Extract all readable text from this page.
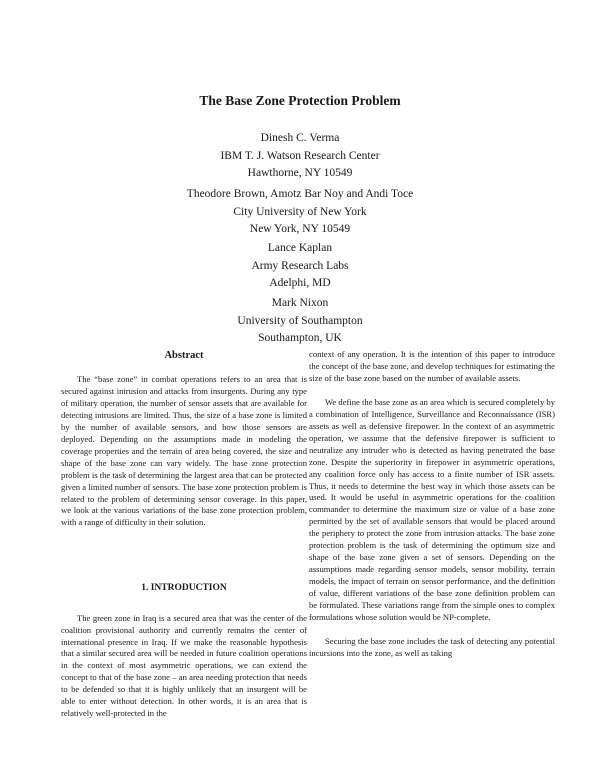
The Base Zone Protection Problem
Dinesh C. Verma
IBM T. J. Watson Research Center
Hawthorne, NY 10549
Theodore Brown, Amotz Bar Noy and Andi Toce
City University of New York
New York, NY 10549
Lance Kaplan
Army Research Labs
Adelphi, MD
Mark Nixon
University of Southampton
Southampton, UK
Abstract

The “base zone” in combat operations refers to an area that is secured against intrusion and attacks from insurgents. During any type of military operation, the number of sensor assets that are available for detecting intrusions are limited. Thus, the size of a base zone is limited by the number of available sensors, and how those sensors are deployed. Depending on the assumptions made in modeling the coverage properties and the terrain of area being covered, the size and shape of the base zone can vary widely. The base zone protection problem is the task of determining the largest area that can be protected given a limited number of sensors. The base zone protection problem is related to the problem of determining sensor coverage. In this paper, we look at the various variations of the base zone protection problem, with a range of difficulty in their solution.

1. INTRODUCTION

The green zone in Iraq is a secured area that was the center of the coalition provisional authority and currently remains the center of international presence in Iraq. If we make the reasonable hypothesis that a similar secured area will be needed in future coalition operations in the context of most asymmetric operations, we can extend the concept to that of the base zone – an area needing protection that needs to be defended so that it is highly unlikely that an insurgent will be able to enter without detection. In other words, it is an area that is relatively well-protected in the

context of any operation. It is the intention of this paper to introduce the concept of the base zone, and develop techniques for estimating the size of the base zone based on the number of available assets.

We define the base zone as an area which is secured completely by a combination of Intelligence, Surveillance and Reconnaissance (ISR) assets as well as defensive firepower. In the context of an asymmetric operation, we assume that the defensive firepower is sufficient to neutralize any intruder who is detected as having penetrated the base zone. Despite the superiority in firepower in asymmetric operations, any coalition force only has access to a finite number of ISR assets. Thus, it needs to determine the best way in which those assets can be used. It would be useful in asymmetric operations for the coalition commander to determine the maximum size or value of a base zone permitted by the set of available sensors that would be placed around the periphery to protect the zone from intrusion attacks. The base zone protection problem is the task of determining the optimum size and shape of the base zone given a set of sensors. Depending on the assumptions made regarding sensor models, sensor mobility, terrain models, the impact of terrain on sensor performance, and the definition of value, different variations of the base zone definition problem can be formulated. These variations range from the simple ones to complex formulations whose solution would be NP-complete.

Securing the base zone includes the task of detecting any potential incursions into the zone, as well as taking
